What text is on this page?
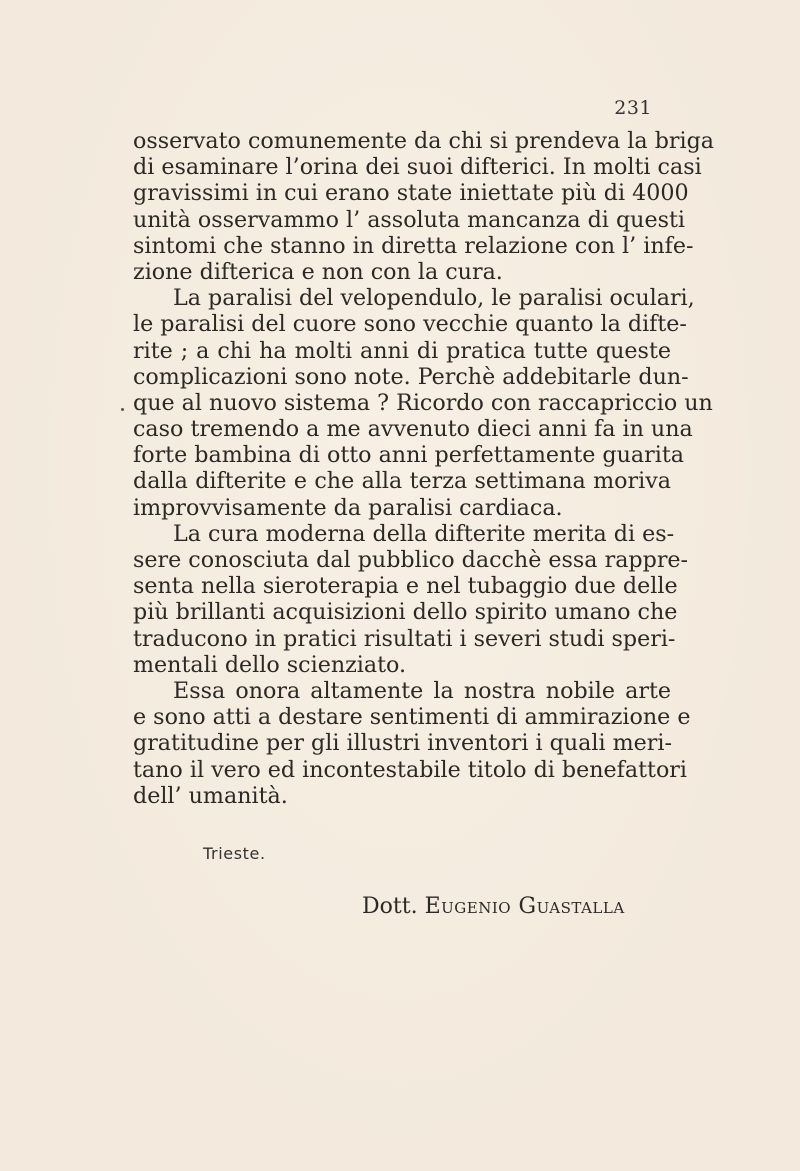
231
osservato comunemente da chi si prendeva la briga
di esaminare l’orina dei suoi difterici. In molti casi
gravissimi in cui erano state iniettate più di 4000
unità osservammo l’ assoluta mancanza di questi
sintomi che stanno in diretta relazione con l’ infe-
zione difterica e non con la cura.
La paralisi del velopendulo, le paralisi oculari,
le paralisi del cuore sono vecchie quanto la difte-
rite ; a chi ha molti anni di pratica tutte queste
complicazioni sono note. Perchè addebitarle dun-
que al nuovo sistema ? Ricordo con raccapriccio un
caso tremendo a me avvenuto dieci anni fa in una
forte bambina di otto anni perfettamente guarita
dalla difterite e che alla terza settimana moriva
improvvisamente da paralisi cardiaca.
La cura moderna della difterite merita di es-
sere conosciuta dal pubblico dacchè essa rappre-
senta nella sieroterapia e nel tubaggio due delle
più brillanti acquisizioni dello spirito umano che
traducono in pratici risultati i severi studi speri-
mentali dello scienziato.
Essa onora altamente la nostra nobile arte
e sono atti a destare sentimenti di ammirazione e
gratitudine per gli illustri inventori i quali meri-
tano il vero ed incontestabile titolo di benefattori
dell’ umanità.
Trieste.
Dott. Eugenio Guastalla
